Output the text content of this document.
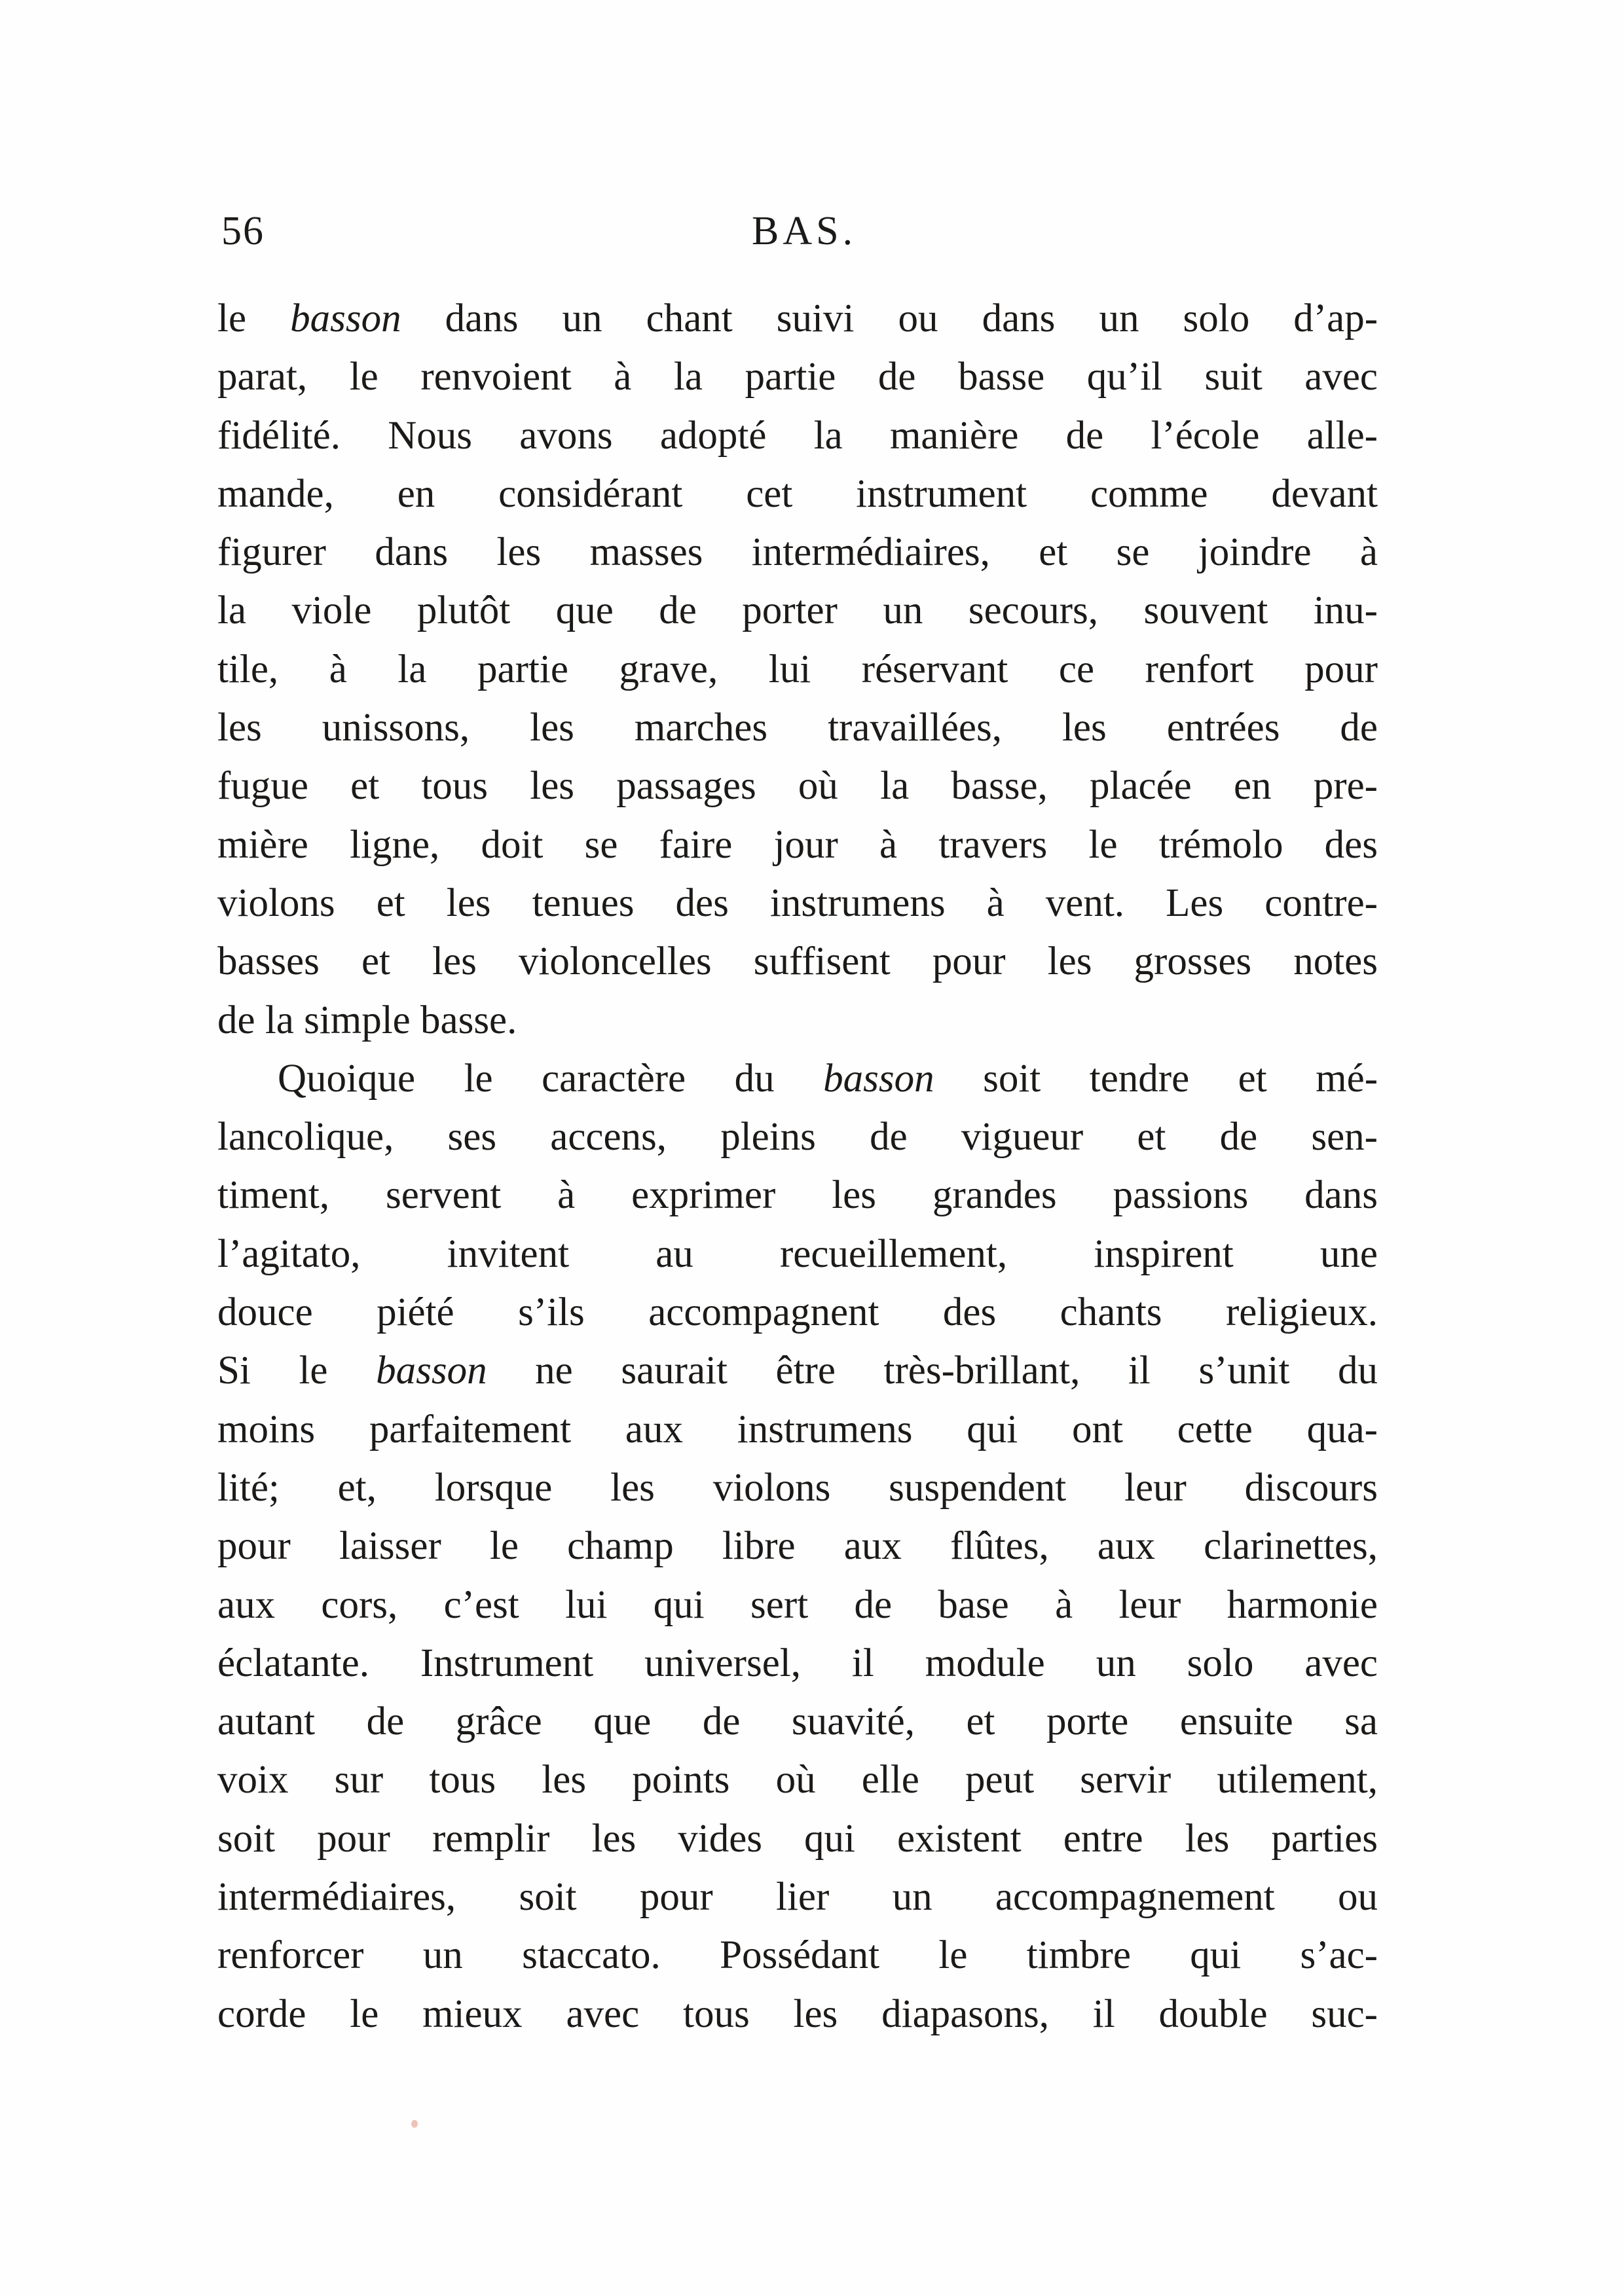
56	BAS.
le basson dans un chant suivi ou dans un solo d’ap-
parat, le renvoient à la partie de basse qu’il suit avec
fidélité. Nous avons adopté la manière de l’école alle-
mande, en considérant cet instrument comme devant
figurer dans les masses intermédiaires, et se joindre à
la viole plutôt que de porter un secours, souvent inu-
tile, à la partie grave, lui réservant ce renfort pour
les unissons, les marches travaillées, les entrées de
fugue et tous les passages où la basse, placée en pre-
mière ligne, doit se faire jour à travers le trémolo des
violons et les tenues des instrumens à vent. Les contre-
basses et les violoncelles suffisent pour les grosses notes
de la simple basse.
Quoique le caractère du basson soit tendre et mé-
lancolique, ses accens, pleins de vigueur et de sen-
timent, servent à exprimer les grandes passions dans
l’agitato, invitent au recueillement, inspirent une
douce piété s’ils accompagnent des chants religieux.
Si le basson ne saurait être très-brillant, il s’unit du
moins parfaitement aux instrumens qui ont cette qua-
lité; et, lorsque les violons suspendent leur discours
pour laisser le champ libre aux flûtes, aux clarinettes,
aux cors, c’est lui qui sert de base à leur harmonie
éclatante. Instrument universel, il module un solo avec
autant de grâce que de suavité, et porte ensuite sa
voix sur tous les points où elle peut servir utilement,
soit pour remplir les vides qui existent entre les parties
intermédiaires, soit pour lier un accompagnement ou
renforcer un staccato. Possédant le timbre qui s’ac-
corde le mieux avec tous les diapasons, il double suc-
